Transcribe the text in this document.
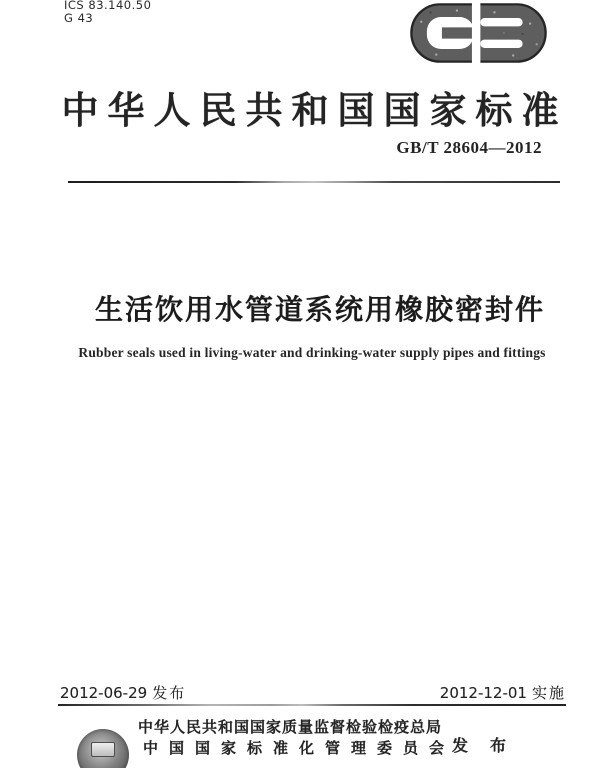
ICS 83.140.50
G 43
中华人民共和国国家标准
GB/T 28604—2012
生活饮用水管道系统用橡胶密封件
Rubber seals used in living-water and drinking-water supply pipes and fittings
2012-06-29 发布	2012-12-01 实施
中华人民共和国国家质量监督检验检疫总局
中国国家标准化管理委员会
发 布
